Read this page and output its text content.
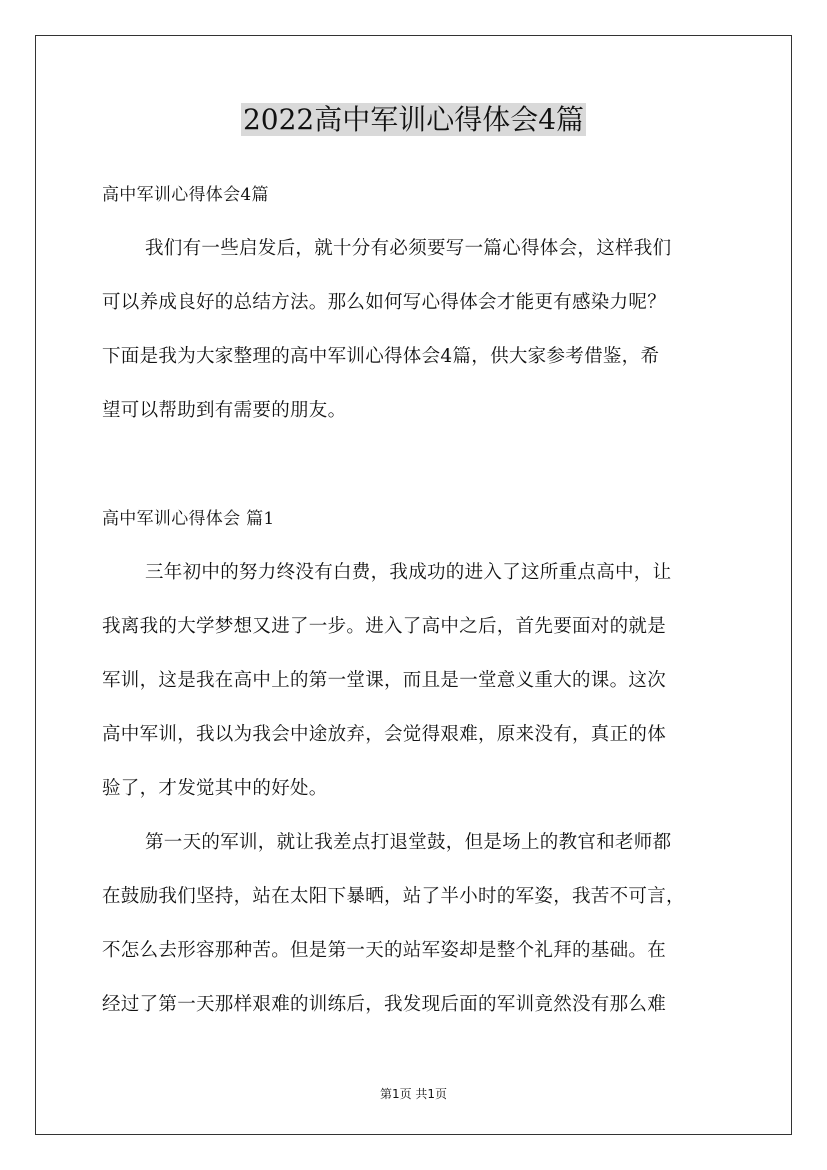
2022高中军训心得体会4篇
高中军训心得体会4篇
我们有一些启发后，就十分有必须要写一篇心得体会，这样我们
可以养成良好的总结方法。那么如何写心得体会才能更有感染力呢？
下面是我为大家整理的高中军训心得体会4篇，供大家参考借鉴，希
望可以帮助到有需要的朋友。
高中军训心得体会 篇1
三年初中的努力终没有白费，我成功的进入了这所重点高中，让
我离我的大学梦想又进了一步。进入了高中之后，首先要面对的就是
军训，这是我在高中上的第一堂课，而且是一堂意义重大的课。这次
高中军训，我以为我会中途放弃，会觉得艰难，原来没有，真正的体
验了，才发觉其中的好处。
第一天的军训，就让我差点打退堂鼓，但是场上的教官和老师都
在鼓励我们坚持，站在太阳下暴晒，站了半小时的军姿，我苦不可言，
不怎么去形容那种苦。但是第一天的站军姿却是整个礼拜的基础。在
经过了第一天那样艰难的训练后，我发现后面的军训竟然没有那么难
第1页 共1页
